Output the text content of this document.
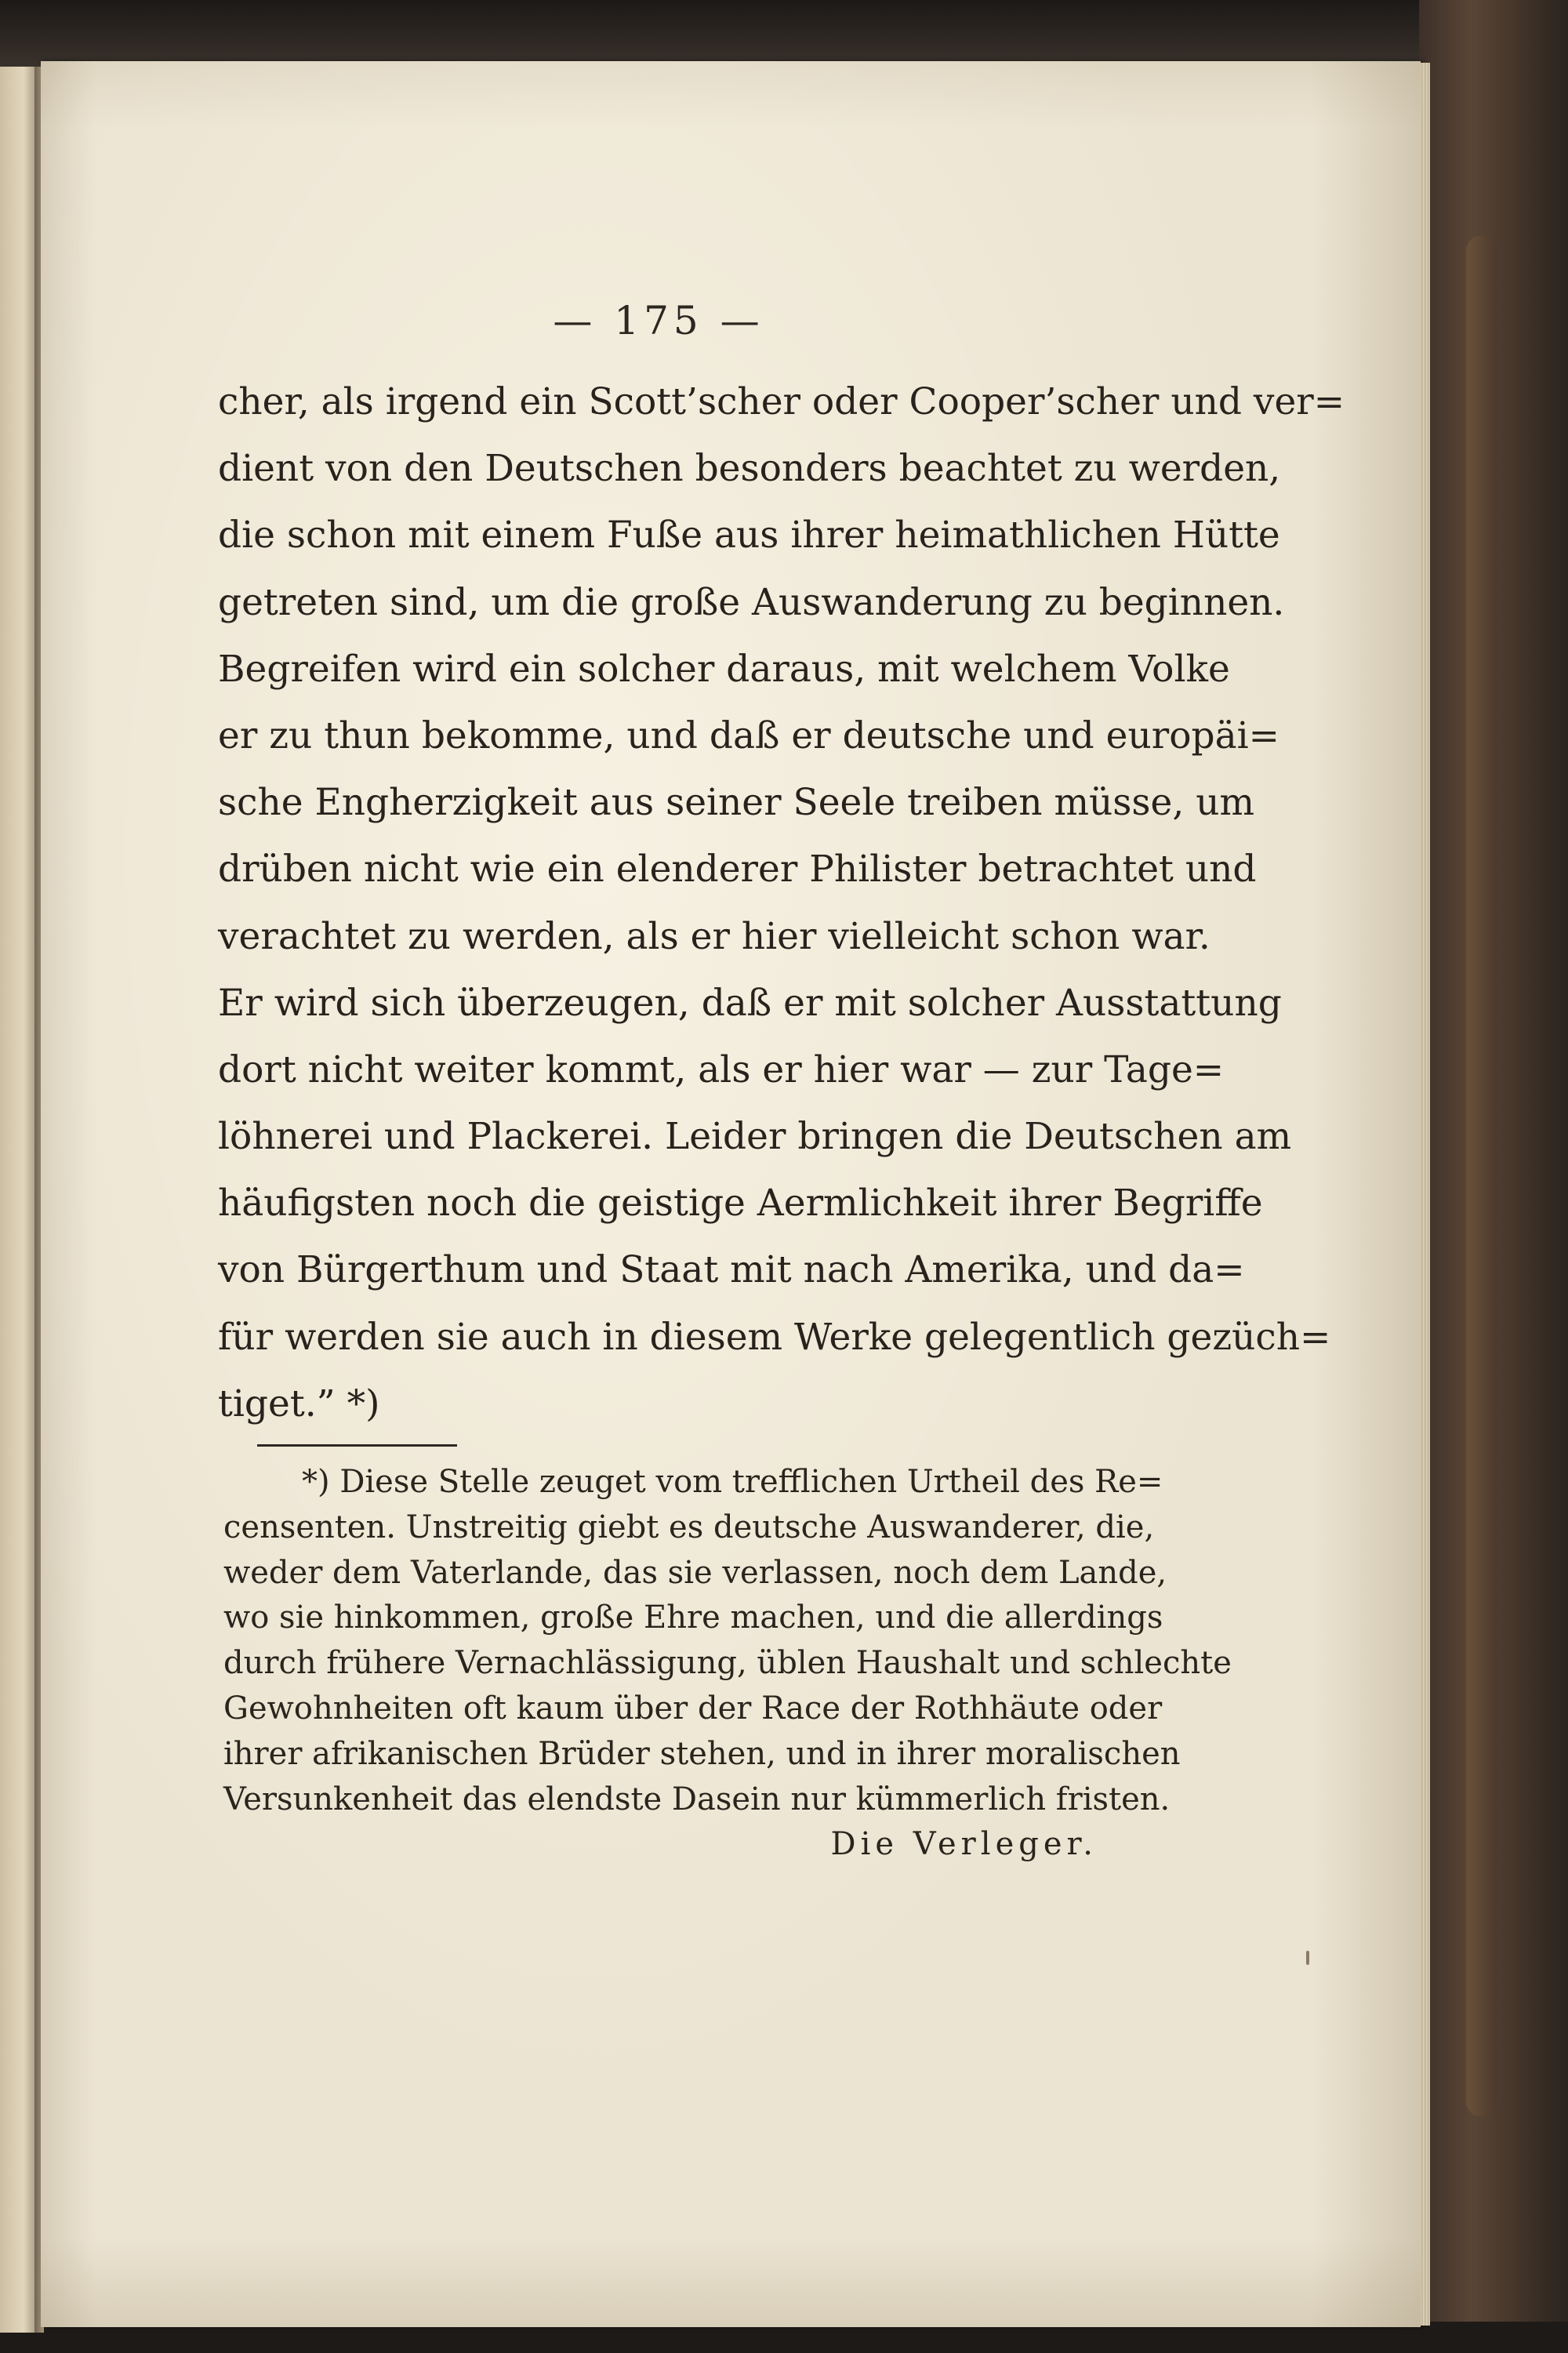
— 175 —
cher, als irgend ein Scott’scher oder Cooper’scher und ver=
dient von den Deutschen besonders beachtet zu werden,
die schon mit einem Fuße aus ihrer heimathlichen Hütte
getreten sind, um die große Auswanderung zu beginnen.
Begreifen wird ein solcher daraus, mit welchem Volke
er zu thun bekomme, und daß er deutsche und europäi=
sche Engherzigkeit aus seiner Seele treiben müsse, um
drüben nicht wie ein elenderer Philister betrachtet und
verachtet zu werden, als er hier vielleicht schon war.
Er wird sich überzeugen, daß er mit solcher Ausstattung
dort nicht weiter kommt, als er hier war — zur Tage=
löhnerei und Plackerei. Leider bringen die Deutschen am
häufigsten noch die geistige Aermlichkeit ihrer Begriffe
von Bürgerthum und Staat mit nach Amerika, und da=
für werden sie auch in diesem Werke gelegentlich gezüch=
tiget.” *)
*) Diese Stelle zeuget vom trefflichen Urtheil des Re=
censenten. Unstreitig giebt es deutsche Auswanderer, die,
weder dem Vaterlande, das sie verlassen, noch dem Lande,
wo sie hinkommen, große Ehre machen, und die allerdings
durch frühere Vernachlässigung, üblen Haushalt und schlechte
Gewohnheiten oft kaum über der Race der Rothhäute oder
ihrer afrikanischen Brüder stehen, und in ihrer moralischen
Versunkenheit das elendste Dasein nur kümmerlich fristen.
Die Verleger.
